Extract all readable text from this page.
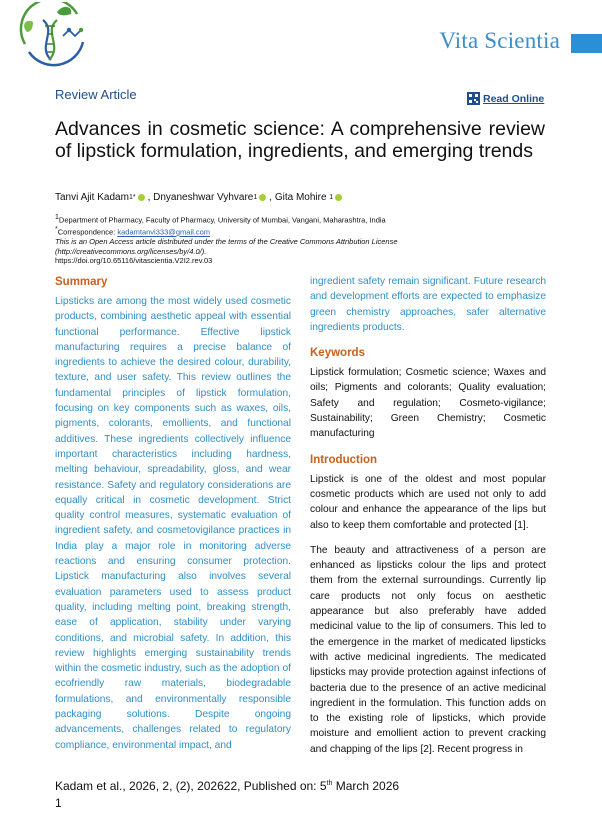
Vita Scientia
Review Article	Read Online
Advances in cosmetic science: A comprehensive review of lipstick formulation, ingredients, and emerging trends
Tanvi Ajit Kadam 1* ,
Dnyaneshwar Vyhvare 1 ,
Gita Mohire
1
1Department of Pharmacy, Faculty of Pharmacy, University of Mumbai, Vangani, Maharashtra, India
*Correspondence: kadamtanvi333@gmail.com
This is an Open Access article distributed under the terms of the Creative Commons Attribution License
(http://creativecommons.org/licenses/by/4.0/).
https://doi.org/10.65116/vitascientia.V2I2.rev.03
Summary

Lipsticks are among the most widely used cosmetic products, combining aesthetic appeal with essential functional performance. Effective lipstick manufacturing requires a precise balance of ingredients to achieve the desired colour, durability, texture, and user safety. This review outlines the fundamental principles of lipstick formulation, focusing on key components such as waxes, oils, pigments, colorants, emollients, and functional additives. These ingredients collectively influence important characteristics including hardness, melting behaviour, spreadability, gloss, and wear resistance. Safety and regulatory considerations are equally critical in cosmetic development. Strict quality control measures, systematic evaluation of ingredient safety, and cosmetovigilance practices in India play a major role in monitoring adverse reactions and ensuring consumer protection. Lipstick manufacturing also involves several evaluation parameters used to assess product quality, including melting point, breaking strength, ease of application, stability under varying conditions, and microbial safety. In addition, this review highlights emerging sustainability trends within the cosmetic industry, such as the adoption of ecofriendly raw materials, biodegradable formulations, and environmentally responsible packaging solutions. Despite ongoing advancements, challenges related to regulatory compliance, environmental impact, and

ingredient safety remain significant. Future research and development efforts are expected to emphasize green chemistry approaches, safer alternative ingredients products.

Keywords

Lipstick formulation; Cosmetic science; Waxes and oils; Pigments and colorants; Quality evaluation; Safety and regulation; Cosmeto-vigilance; Sustainability; Green Chemistry; Cosmetic manufacturing

Introduction

Lipstick is one of the oldest and most popular cosmetic products which are used not only to add colour and enhance the appearance of the lips but also to keep them comfortable and protected [1].

The beauty and attractiveness of a person are enhanced as lipsticks colour the lips and protect them from the external surroundings. Currently lip care products not only focus on aesthetic appearance but also preferably have added medicinal value to the lip of consumers. This led to the emergence in the market of medicated lipsticks with active medicinal ingredients. The medicated lipsticks may provide protection against infections of bacteria due to the presence of an active medicinal ingredient in the formulation. This function adds on to the existing role of lipsticks, which provide moisture and emollient action to prevent cracking and chapping of the lips [2]. Recent progress in

Kadam et al., 2026, 2, (2), 202622, Published on: 5th March 2026
1
